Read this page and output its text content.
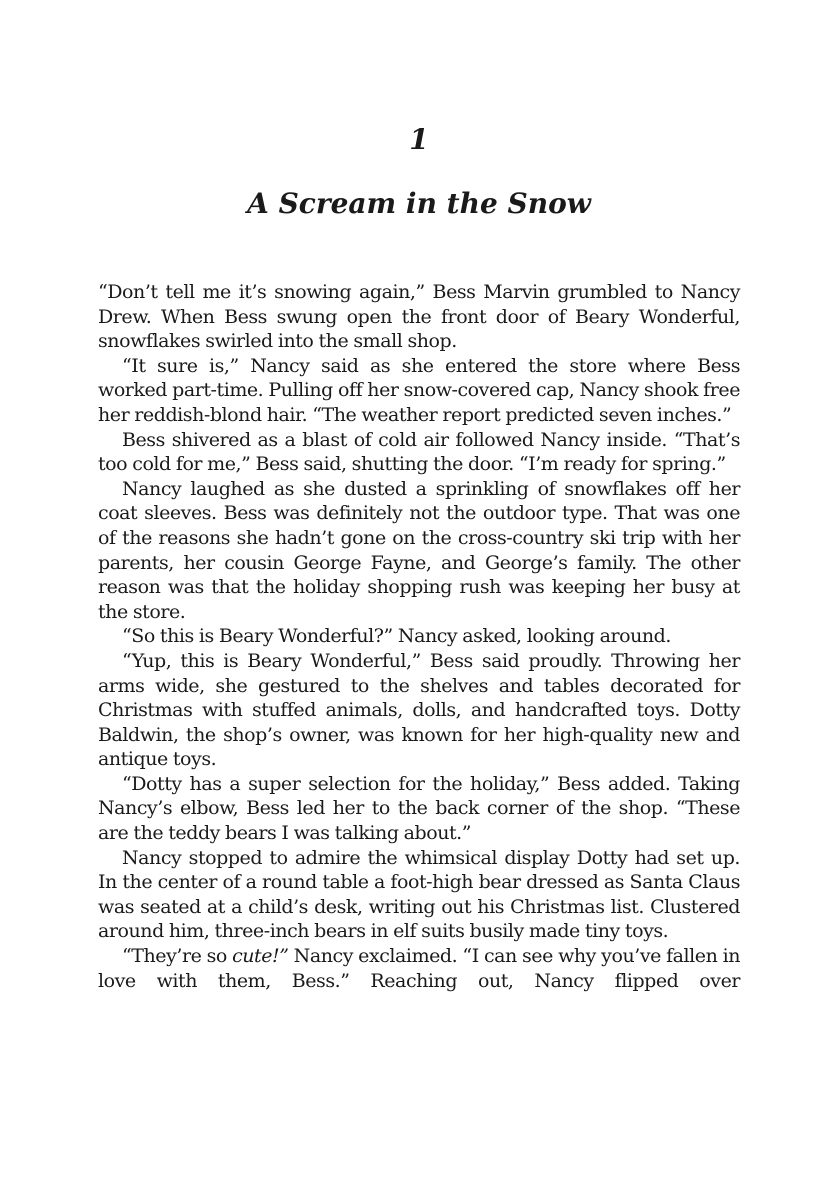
1
A Scream in the Snow

“Don’t tell me it’s snowing again,” Bess Marvin grumbled to Nancy Drew. When Bess swung open the front door of Beary Wonderful, snowflakes swirled into the small shop.

“It sure is,” Nancy said as she entered the store where Bess worked part-time. Pulling off her snow-covered cap, Nancy shook free her reddish-blond hair. “The weather report predicted seven inches.”

Bess shivered as a blast of cold air followed Nancy inside. “That’s too cold for me,” Bess said, shutting the door. “I’m ready for spring.”

Nancy laughed as she dusted a sprinkling of snowflakes off her coat sleeves. Bess was definitely not the outdoor type. That was one of the reasons she hadn’t gone on the cross-country ski trip with her parents, her cousin George Fayne, and George’s family. The other reason was that the holiday shopping rush was keeping her busy at the store.

“So this is Beary Wonderful?” Nancy asked, looking around.

“Yup, this is Beary Wonderful,” Bess said proudly. Throwing her arms wide, she gestured to the shelves and tables decorated for Christmas with stuffed animals, dolls, and handcrafted toys. Dotty Baldwin, the shop’s owner, was known for her high-quality new and antique toys.

“Dotty has a super selection for the holiday,” Bess added. Taking Nancy’s elbow, Bess led her to the back corner of the shop. “These are the teddy bears I was talking about.”

Nancy stopped to admire the whimsical display Dotty had set up. In the center of a round table a foot-high bear dressed as Santa Claus was seated at a child’s desk, writing out his Christmas list. Clustered around him, three-inch bears in elf suits busily made tiny toys.

“They’re so cute!” Nancy exclaimed. “I can see why you’ve fallen in love with them, Bess.” Reaching out, Nancy flipped over
